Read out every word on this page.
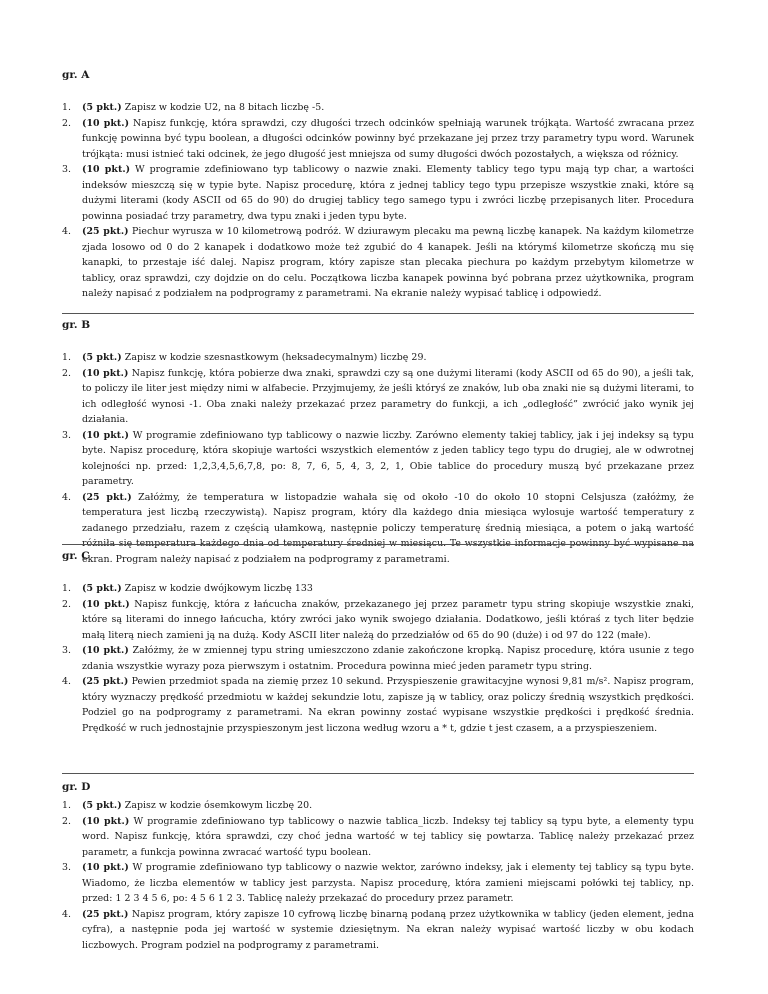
gr. A
1. (5 pkt.) Zapisz w kodzie U2, na 8 bitach liczbę -5.
2. (10 pkt.) Napisz funkcję, która sprawdzi, czy długości trzech odcinków spełniają warunek trójkąta. Wartość zwracana przez funkcję powinna być typu boolean, a długości odcinków powinny być przekazane jej przez trzy parametry typu word. Warunek trójkąta: musi istnieć taki odcinek, że jego długość jest mniejsza od sumy długości dwóch pozostałych, a większa od różnicy.
3. (10 pkt.) W programie zdefiniowano typ tablicowy o nazwie znaki. Elementy tablicy tego typu mają typ char, a wartości indeksów mieszczą się w typie byte. Napisz procedurę, która z jednej tablicy tego typu przepisze wszystkie znaki, które są dużymi literami (kody ASCII od 65 do 90) do drugiej tablicy tego samego typu i zwróci liczbę przepisanych liter. Procedura powinna posiadać trzy parametry, dwa typu znaki i jeden typu byte.
4. (25 pkt.) Piechur wyrusza w 10 kilometrową podróż. W dziurawym plecaku ma pewną liczbę kanapek. Na każdym kilometrze zjada losowo od 0 do 2 kanapek i dodatkowo może też zgubić do 4 kanapek. Jeśli na którymś kilometrze skończą mu się kanapki, to przestaje iść dalej. Napisz program, który zapisze stan plecaka piechura po każdym przebytym kilometrze w tablicy, oraz sprawdzi, czy dojdzie on do celu. Początkowa liczba kanapek powinna być pobrana przez użytkownika, program należy napisać z podziałem na podprogramy z parametrami. Na ekranie należy wypisać tablicę i odpowiedź.
gr. B
1. (5 pkt.) Zapisz w kodzie szesnastkowym (heksadecymalnym) liczbę 29.
2. (10 pkt.) Napisz funkcję, która pobierze dwa znaki, sprawdzi czy są one dużymi literami (kody ASCII od 65 do 90), a jeśli tak, to policzy ile liter jest między nimi w alfabecie. Przyjmujemy, że jeśli któryś ze znaków, lub oba znaki nie są dużymi literami, to ich odległość wynosi -1. Oba znaki należy przekazać przez parametry do funkcji, a ich „odległość” zwrócić jako wynik jej działania.
3. (10 pkt.) W programie zdefiniowano typ tablicowy o nazwie liczby. Zarówno elementy takiej tablicy, jak i jej indeksy są typu byte. Napisz procedurę, która skopiuje wartości wszystkich elementów z jeden tablicy tego typu do drugiej, ale w odwrotnej kolejności np. przed: 1,2,3,4,5,6,7,8, po: 8, 7, 6, 5, 4, 3, 2, 1, Obie tablice do procedury muszą być przekazane przez parametry.
4. (25 pkt.) Załóżmy, że temperatura w listopadzie wahała się od około -10 do około 10 stopni Celsjusza (załóżmy, że temperatura jest liczbą rzeczywistą). Napisz program, który dla każdego dnia miesiąca wylosuje wartość temperatury z zadanego przedziału, razem z częścią ułamkową, następnie policzy temperaturę średnią miesiąca, a potem o jaką wartość różniła się temperatura każdego dnia od temperatury średniej w miesiącu. Te wszystkie informacje powinny być wypisane na ekran. Program należy napisać z podziałem na podprogramy z parametrami.
gr. C
1. (5 pkt.) Zapisz w kodzie dwójkowym liczbę 133
2. (10 pkt.) Napisz funkcję, która z łańcucha znaków, przekazanego jej przez parametr typu string skopiuje wszystkie znaki, które są literami do innego łańcucha, który zwróci jako wynik swojego działania. Dodatkowo, jeśli któraś z tych liter będzie małą literą niech zamieni ją na dużą. Kody ASCII liter należą do przedziałów od 65 do 90 (duże) i od 97 do 122 (małe).
3. (10 pkt.) Załóżmy, że w zmiennej typu string umieszczono zdanie zakończone kropką. Napisz procedurę, która usunie z tego zdania wszystkie wyrazy poza pierwszym i ostatnim. Procedura powinna mieć jeden parametr typu string.
4. (25 pkt.) Pewien przedmiot spada na ziemię przez 10 sekund. Przyspieszenie grawitacyjne wynosi 9,81 m/s². Napisz program, który wyznaczy prędkość przedmiotu w każdej sekundzie lotu, zapisze ją w tablicy, oraz policzy średnią wszystkich prędkości. Podziel go na podprogramy z parametrami. Na ekran powinny zostać wypisane wszystkie prędkości i prędkość średnia. Prędkość w ruch jednostajnie przyspieszonym jest liczona według wzoru a * t, gdzie t jest czasem, a a przyspieszeniem.
gr. D
1. (5 pkt.) Zapisz w kodzie ósemkowym liczbę 20.
2. (10 pkt.) W programie zdefiniowano typ tablicowy o nazwie tablica_liczb. Indeksy tej tablicy są typu byte, a elementy typu word. Napisz funkcję, która sprawdzi, czy choć jedna wartość w tej tablicy się powtarza. Tablicę należy przekazać przez parametr, a funkcja powinna zwracać wartość typu boolean.
3. (10 pkt.) W programie zdefiniowano typ tablicowy o nazwie wektor, zarówno indeksy, jak i elementy tej tablicy są typu byte. Wiadomo, że liczba elementów w tablicy jest parzysta. Napisz procedurę, która zamieni miejscami połówki tej tablicy, np. przed: 1 2 3 4 5 6, po: 4 5 6 1 2 3. Tablicę należy przekazać do procedury przez parametr.
4. (25 pkt.) Napisz program, który zapisze 10 cyfrową liczbę binarną podaną przez użytkownika w tablicy (jeden element, jedna cyfra), a następnie poda jej wartość w systemie dziesiętnym. Na ekran należy wypisać wartość liczby w obu kodach liczbowych. Program podziel na podprogramy z parametrami.
